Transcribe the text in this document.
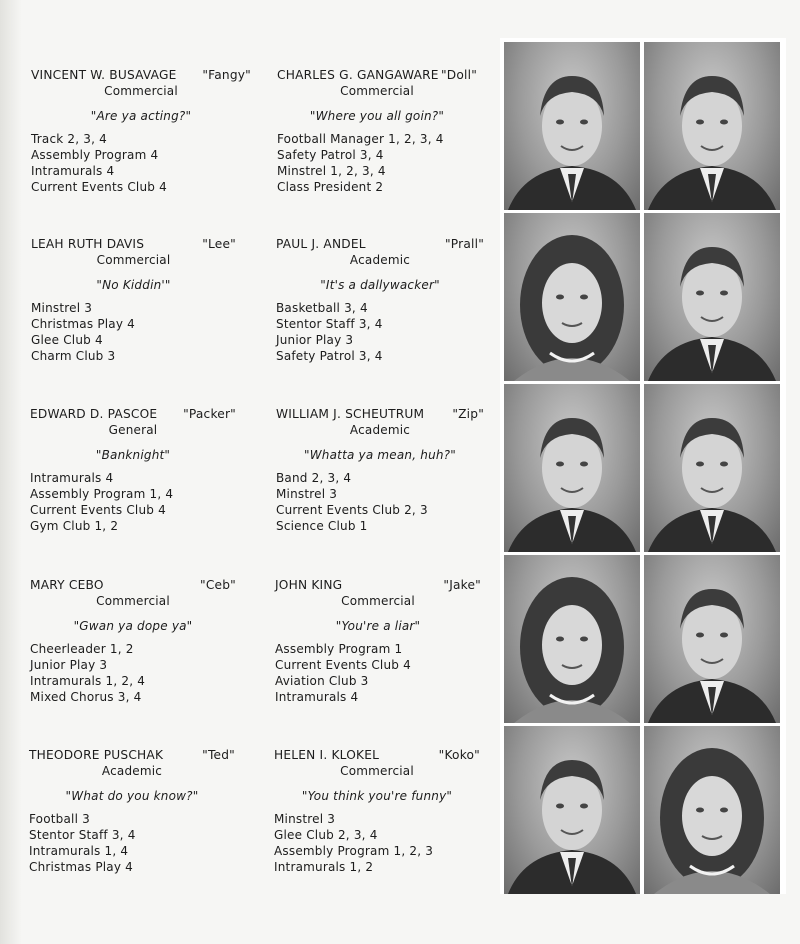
VINCENT W. BUSAVAGE "Fangy"
Commercial
"Are ya acting?"
Track 2, 3, 4
Assembly Program 4
Intramurals 4
Current Events Club 4
CHARLES G. GANGAWARE "Doll"
Commercial
"Where you all goin?"
Football Manager 1, 2, 3, 4
Safety Patrol 3, 4
Minstrel 1, 2, 3, 4
Class President 2
LEAH RUTH DAVIS	"Lee"
Commercial
"No Kiddin'"
Minstrel 3
Christmas Play 4
Glee Club 4
Charm Club 3
PAUL J. ANDEL	"Prall"
Academic
"It's a dallywacker"
Basketball 3, 4
Stentor Staff 3, 4
Junior Play 3
Safety Patrol 3, 4
EDWARD D. PASCOE "Packer"
General
"Banknight"
Intramurals 4
Assembly Program 1, 4
Current Events Club 4
Gym Club 1, 2
WILLIAM J. SCHEUTRUM "Zip"
Academic
"Whatta ya mean, huh?"
Band 2, 3, 4
Minstrel 3
Current Events Club 2, 3
Science Club 1
MARY CEBO	"Ceb"
Commercial
"Gwan ya dope ya"
Cheerleader 1, 2
Junior Play 3
Intramurals 1, 2, 4
Mixed Chorus 3, 4
JOHN KING	"Jake"
Commercial
"You're a liar"
Assembly Program 1
Current Events Club 4
Aviation Club 3
Intramurals 4
THEODORE PUSCHAK	"Ted"
Academic
"What do you know?"
Football 3
Stentor Staff 3, 4
Intramurals 1, 4
Christmas Play 4
HELEN I. KLOKEL	"Koko"
Commercial
"You think you're funny"
Minstrel 3
Glee Club 2, 3, 4
Assembly Program 1, 2, 3
Intramurals 1, 2
